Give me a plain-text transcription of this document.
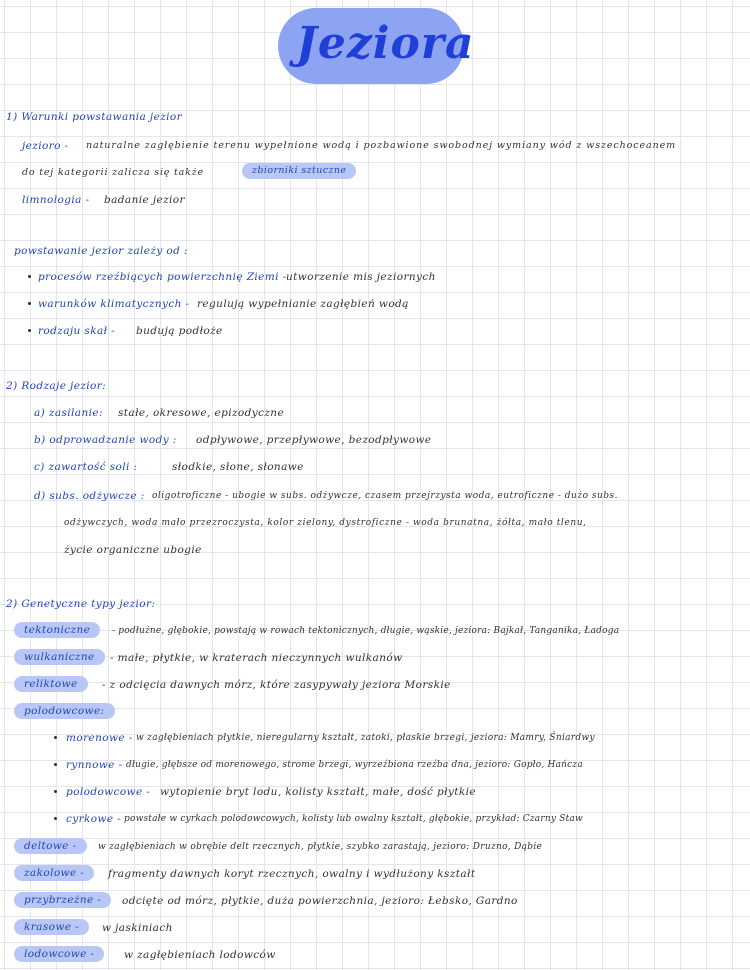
Jeziora
1) Warunki powstawania jezior
jezioro - naturalne zagłębienie terenu wypełnione wodą i pozbawione swobodnej wymiany wód z wszechoceanem
do tej kategorii zalicza się także	zbiorniki sztuczne
limnologia - badanie jezior
powstawanie jezior zależy od :
procesów rzeźbiących powierzchnię Ziemi - utworzenie mis jeziornych
warunków klimatycznych - regulują wypełnianie zagłębień wodą
rodzaju skał - budują podłoże
2) Rodzaje jezior:
a) zasilanie: stałe, okresowe, epizodyczne
b) odprowadzanie wody : odpływowe, przepływowe, bezodpływowe
c) zawartość soli :	słodkie, słone, słonawe
d) subs. odżywcze : oligotroficzne - ubogie w subs. odżywcze, czasem przejrzysta woda, eutroficzne - dużo subs.
odżywczych, woda mało przezroczysta, kolor zielony, dystroficzne - woda brunatna, żółta, mało tlenu,
życie organiczne ubogie
2) Genetyczne typy jezior:
tektoniczne	- podłużne, głębokie, powstają w rowach tektonicznych, długie, wąskie, jeziora: Bajkał, Tanganika, Ładoga
wulkaniczne	- małe, płytkie, w kraterach nieczynnych wulkanów
reliktowe	- z odcięcia dawnych mórz, które zasypywały jeziora Morskie
polodowcowe:
morenowe - w zagłębieniach płytkie, nieregularny kształt, zatoki, płaskie brzegi, jeziora: Mamry, Śniardwy
rynnowe - długie, głębsze od morenowego, strome brzegi, wyrzeźbiona rzeźba dna, jezioro: Gopło, Hańcza
polodowcowe - wytopienie bryt lodu, kolisty kształt, małe, dość płytkie
cyrkowe - powstałe w cyrkach polodowcowych, kolisty lub owalny kształt, głębokie, przykład: Czarny Staw
deltowe -	w zagłębieniach w obrębie delt rzecznych, płytkie, szybko zarastają, jezioro: Druzno, Dąbie
zakolowe -	fragmenty dawnych koryt rzecznych, owalny i wydłużony kształt
przybrzeżne -	odcięte od mórz, płytkie, duża powierzchnia, jezioro: Łebsko, Gardno
krasowe -	w jaskiniach
lodowcowe -	w zagłębieniach lodowców
